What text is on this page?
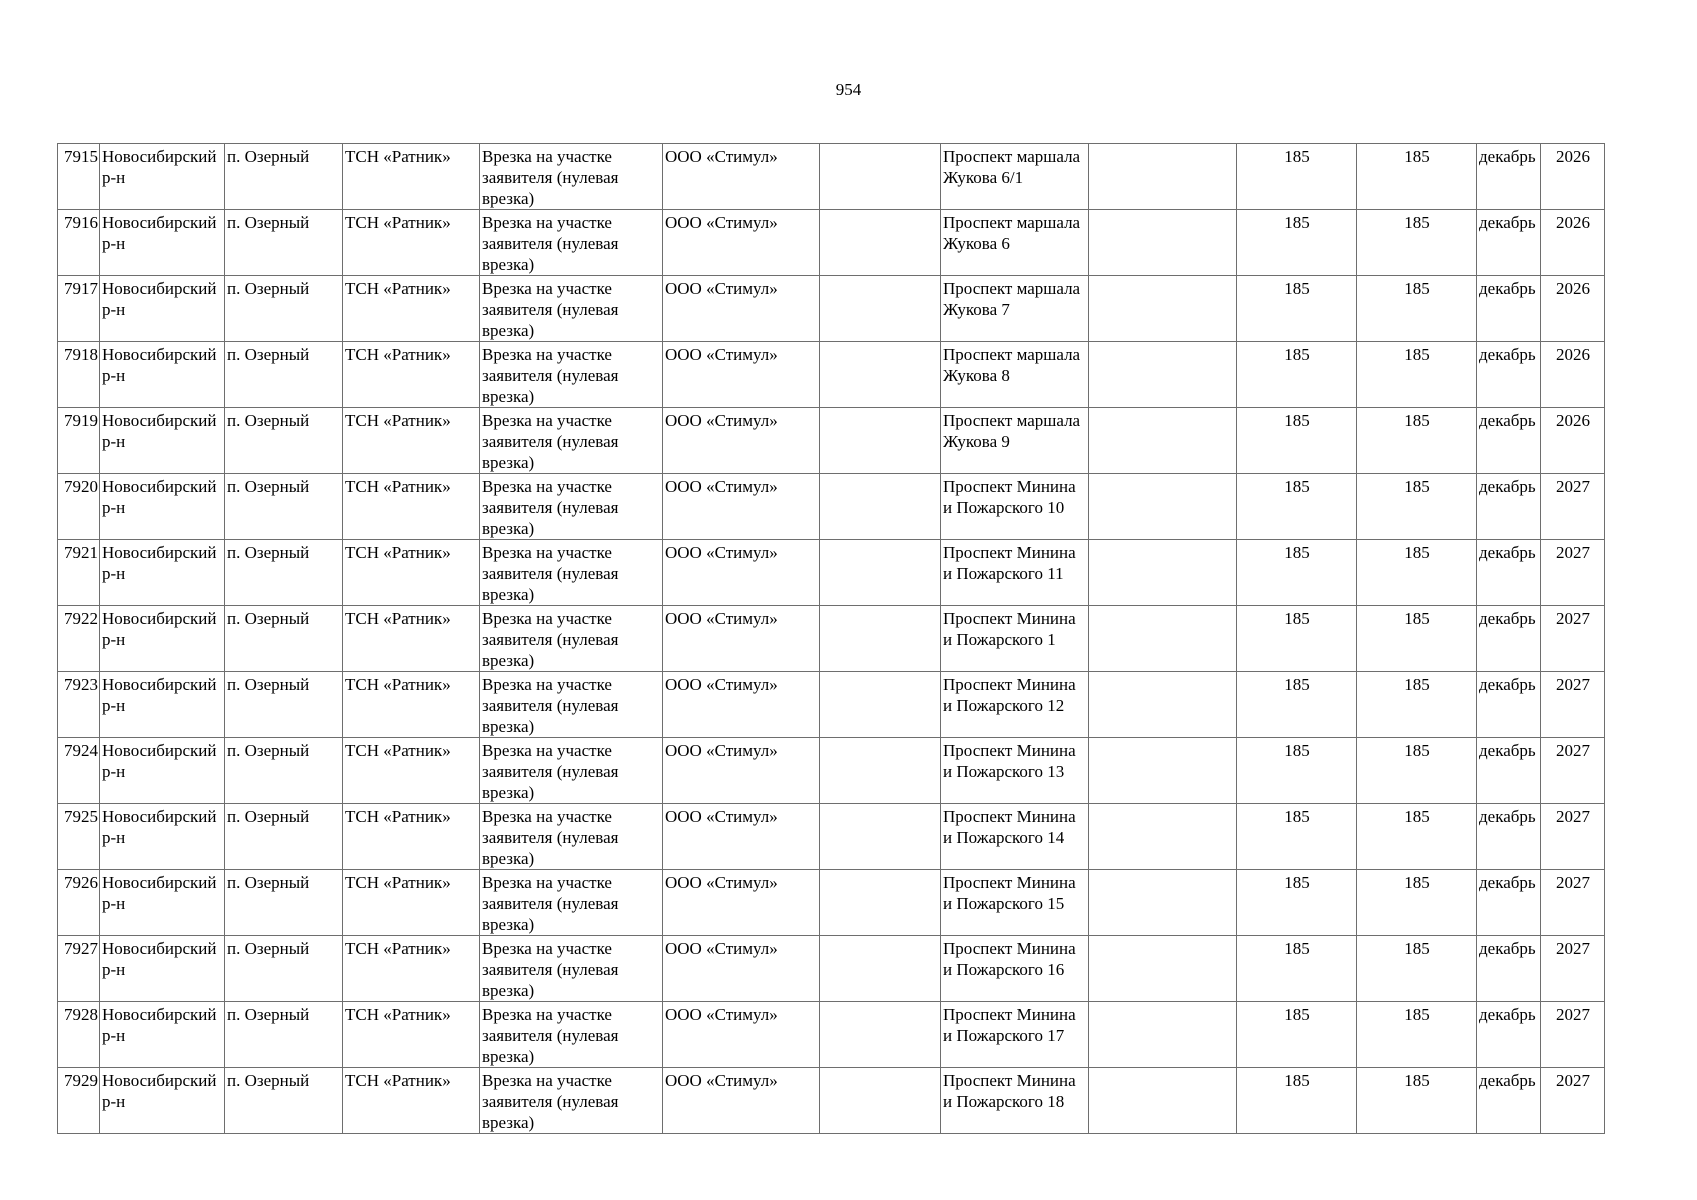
954
7915	Новосибирский р-н	п. Озерный	ТСН «Ратник»	Врезка на участке заявителя (нулевая врезка)	ООО «Стимул»		Проспект маршала Жукова 6/1		185	185	декабрь	2026
7916	Новосибирский р-н	п. Озерный	ТСН «Ратник»	Врезка на участке заявителя (нулевая врезка)	ООО «Стимул»		Проспект маршала Жукова 6		185	185	декабрь	2026
7917	Новосибирский р-н	п. Озерный	ТСН «Ратник»	Врезка на участке заявителя (нулевая врезка)	ООО «Стимул»		Проспект маршала Жукова 7		185	185	декабрь	2026
7918	Новосибирский р-н	п. Озерный	ТСН «Ратник»	Врезка на участке заявителя (нулевая врезка)	ООО «Стимул»		Проспект маршала Жукова 8		185	185	декабрь	2026
7919	Новосибирский р-н	п. Озерный	ТСН «Ратник»	Врезка на участке заявителя (нулевая врезка)	ООО «Стимул»		Проспект маршала Жукова 9		185	185	декабрь	2026
7920	Новосибирский р-н	п. Озерный	ТСН «Ратник»	Врезка на участке заявителя (нулевая врезка)	ООО «Стимул»		Проспект Минина и Пожарского 10		185	185	декабрь	2027
7921	Новосибирский р-н	п. Озерный	ТСН «Ратник»	Врезка на участке заявителя (нулевая врезка)	ООО «Стимул»		Проспект Минина и Пожарского 11		185	185	декабрь	2027
7922	Новосибирский р-н	п. Озерный	ТСН «Ратник»	Врезка на участке заявителя (нулевая врезка)	ООО «Стимул»		Проспект Минина и Пожарского 1		185	185	декабрь	2027
7923	Новосибирский р-н	п. Озерный	ТСН «Ратник»	Врезка на участке заявителя (нулевая врезка)	ООО «Стимул»		Проспект Минина и Пожарского 12		185	185	декабрь	2027
7924	Новосибирский р-н	п. Озерный	ТСН «Ратник»	Врезка на участке заявителя (нулевая врезка)	ООО «Стимул»		Проспект Минина и Пожарского 13		185	185	декабрь	2027
7925	Новосибирский р-н	п. Озерный	ТСН «Ратник»	Врезка на участке заявителя (нулевая врезка)	ООО «Стимул»		Проспект Минина и Пожарского 14		185	185	декабрь	2027
7926	Новосибирский р-н	п. Озерный	ТСН «Ратник»	Врезка на участке заявителя (нулевая врезка)	ООО «Стимул»		Проспект Минина и Пожарского 15		185	185	декабрь	2027
7927	Новосибирский р-н	п. Озерный	ТСН «Ратник»	Врезка на участке заявителя (нулевая врезка)	ООО «Стимул»		Проспект Минина и Пожарского 16		185	185	декабрь	2027
7928	Новосибирский р-н	п. Озерный	ТСН «Ратник»	Врезка на участке заявителя (нулевая врезка)	ООО «Стимул»		Проспект Минина и Пожарского 17		185	185	декабрь	2027
7929	Новосибирский р-н	п. Озерный	ТСН «Ратник»	Врезка на участке заявителя (нулевая врезка)	ООО «Стимул»		Проспект Минина и Пожарского 18		185	185	декабрь	2027
